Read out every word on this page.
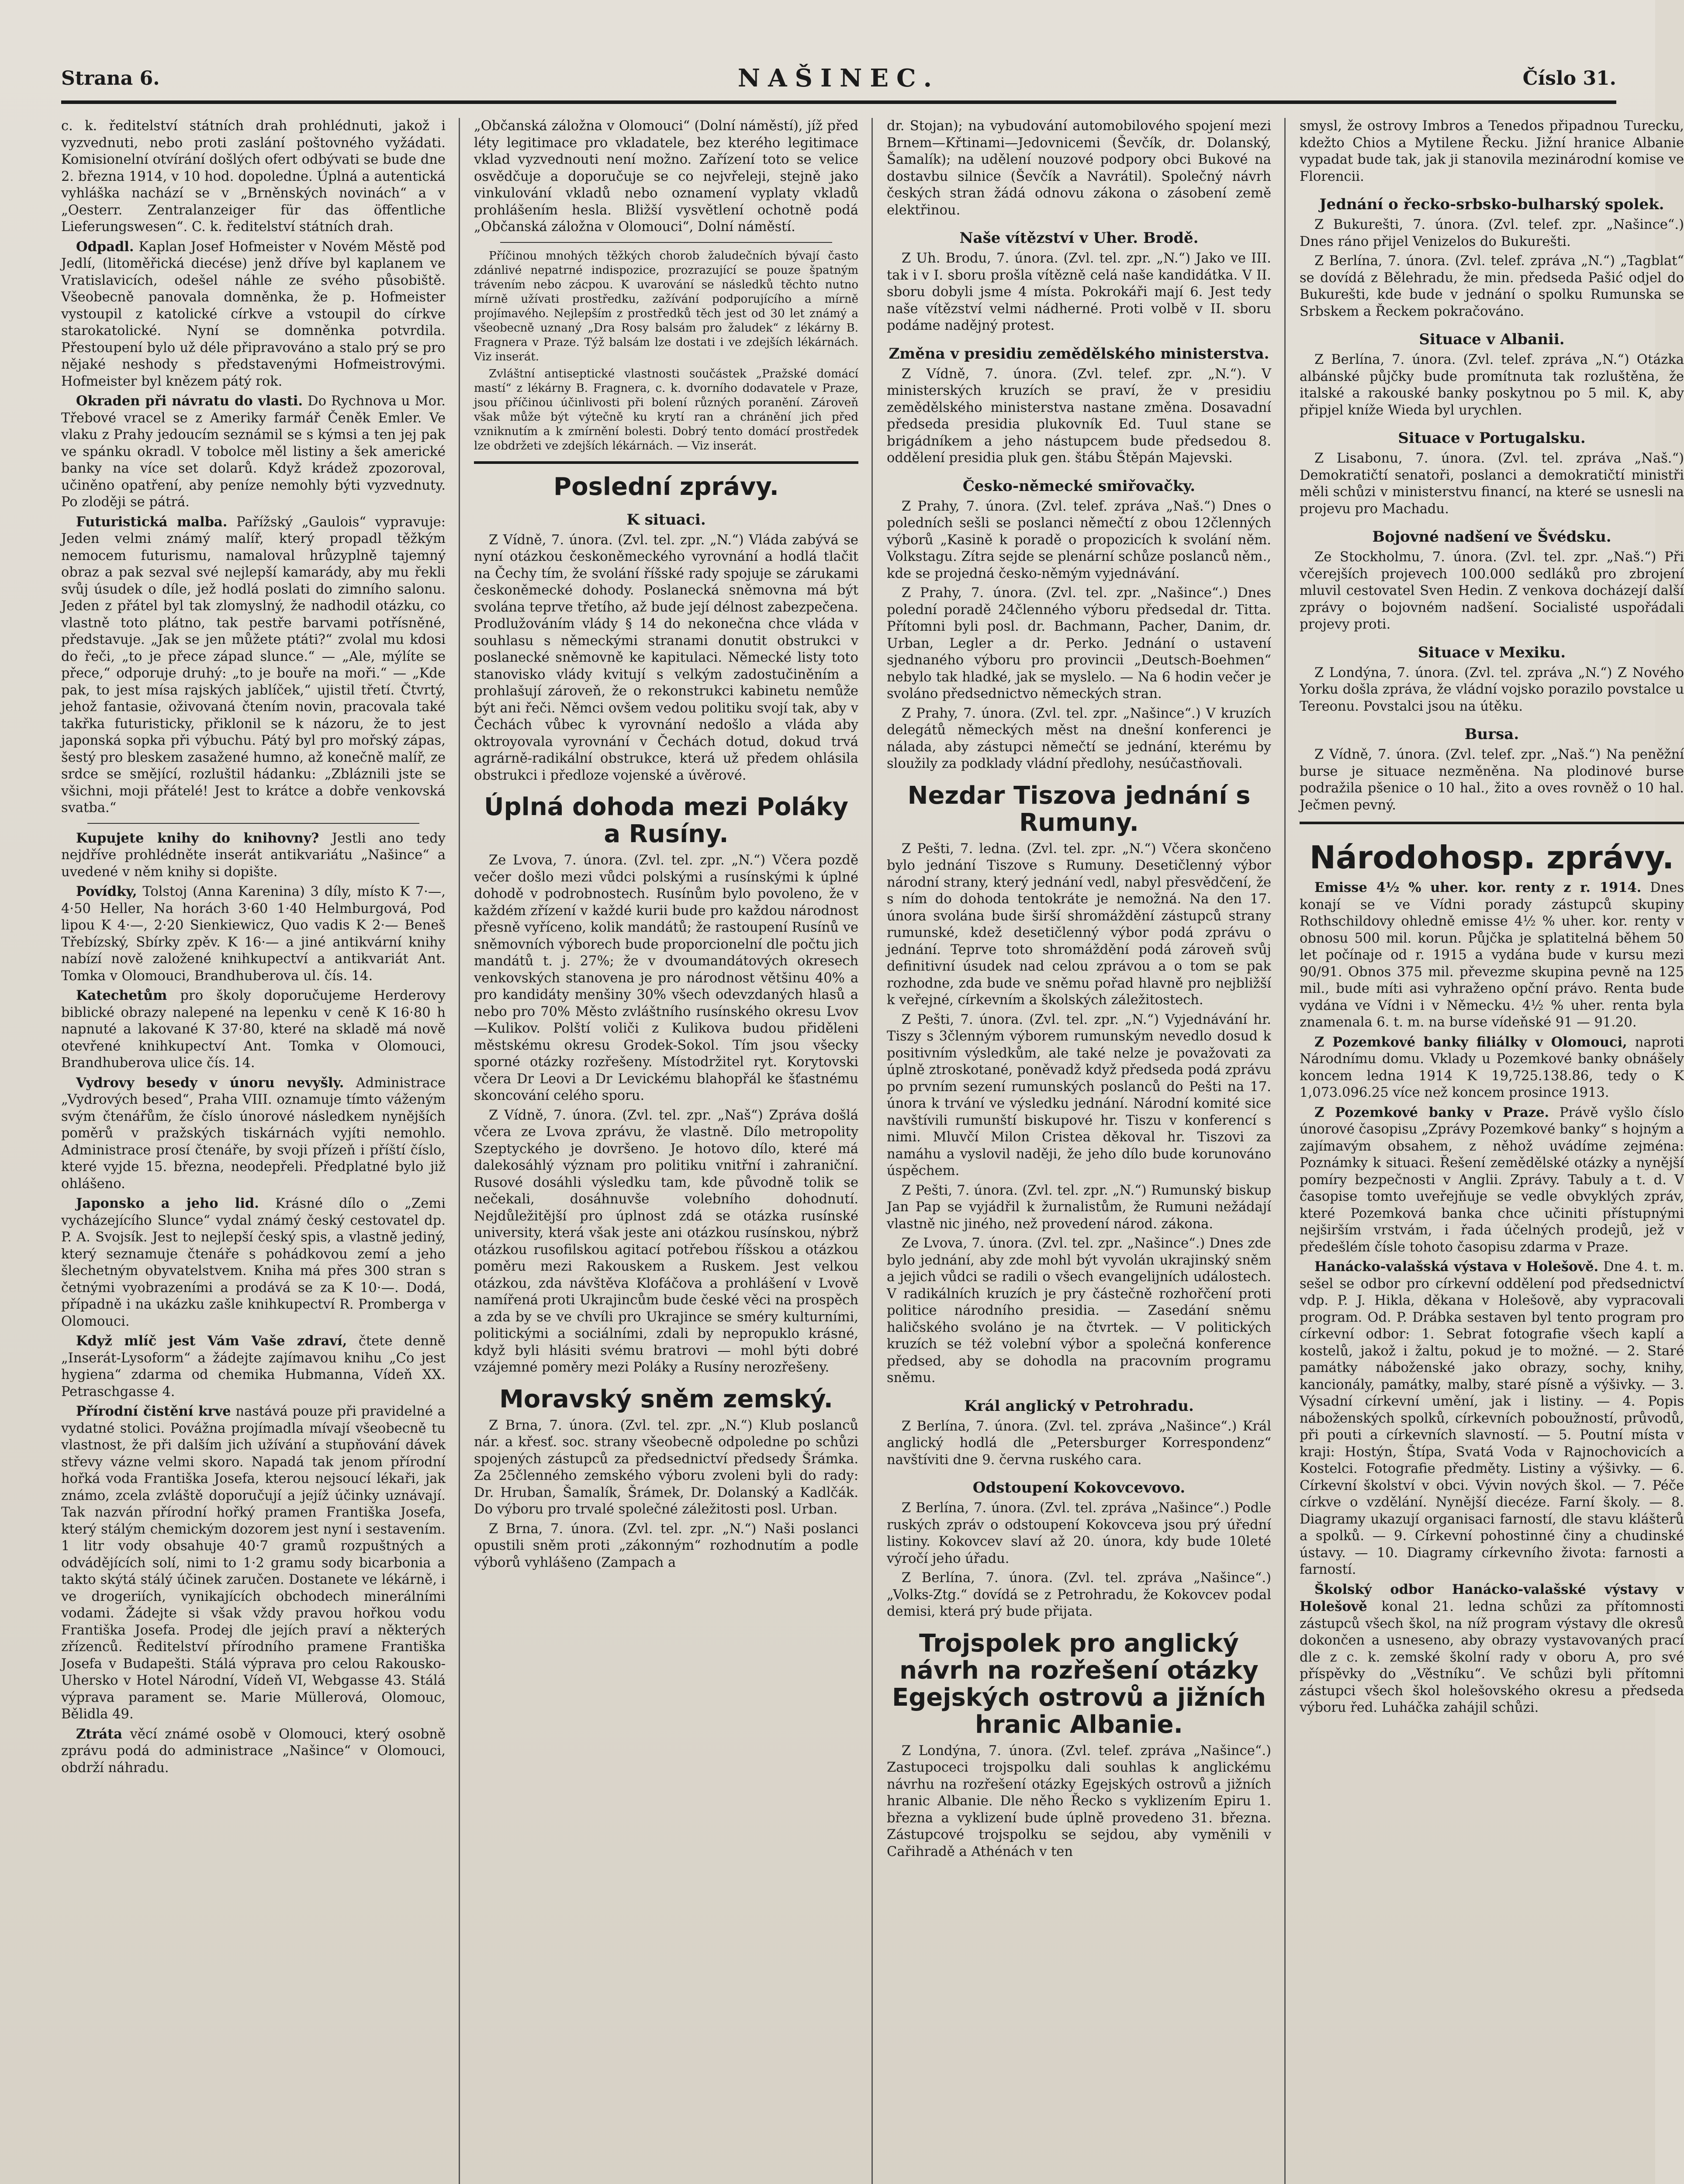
Strana 6.	NAŠINEC.	Číslo 31.

c. k. ředitelství státních drah prohlédnuti, jakož i vyzvednuti, nebo proti zaslání poštovného vyžádati. Komisionelní otvírání došlých ofert odbývati se bude dne 2. března 1914, v 10 hod. dopoledne. Úplná a autentická vyhláška nachází se v „Brněnských novinách“ a v „Oesterr. Zentralanzeiger für das öffentliche Lieferungswesen“. C. k. ředitelství státních drah.

Odpadl. Kaplan Josef Hofmeister v Novém Městě pod Jedlí, (litoměřická diecése) jenž dříve byl kaplanem ve Vratislavicích, odešel náhle ze svého působiště. Všeobecně panovala domněnka, že p. Hofmeister vystoupil z katolické církve a vstoupil do církve starokatolické. Nyní se domněnka potvrdila. Přestoupení bylo už déle připravováno a stalo prý se pro nějaké neshody s představenými Hofmeistrovými. Hofmeister byl knězem pátý rok.

Okraden při návratu do vlasti. Do Rychnova u Mor. Třebové vracel se z Ameriky farmář Čeněk Emler. Ve vlaku z Prahy jedoucím seznámil se s kýmsi a ten jej pak ve spánku okradl. V tobolce měl listiny a šek americké banky na více set dolarů. Když krádež zpozoroval, učiněno opatření, aby peníze nemohly býti vyzvednuty. Po zloději se pátrá.

Futuristická malba. Pařížský „Gaulois“ vypravuje: Jeden velmi známý malíř, který propadl těžkým nemocem futurismu, namaloval hrůzyplně tajemný obraz a pak sezval své nejlepší kamarády, aby mu řekli svůj úsudek o díle, jež hodlá poslati do zimního salonu. Jeden z přátel byl tak zlomyslný, že nadhodil otázku, co vlastně toto plátno, tak pestře barvami potřísněné, představuje. „Jak se jen můžete ptáti?“ zvolal mu kdosi do řeči, „to je přece západ slunce.“ — „Ale, mýlíte se přece,“ odporuje druhý: „to je bouře na moři.“ — „Kde pak, to jest mísa rajských jablíček,“ ujistil třetí. Čtvrtý, jehož fantasie, oživovaná čtením novin, pracovala také takřka futuristicky, přiklonil se k názoru, že to jest japonská sopka při výbuchu. Pátý byl pro mořský zápas, šestý pro bleskem zasažené humno, až konečně malíř, ze srdce se smějící, rozluštil hádanku: „Zbláznili jste se všichni, moji přátelé! Jest to krátce a dobře venkovská svatba.“

Kupujete knihy do knihovny? Jestli ano tedy nejdříve prohlédněte inserát antikvariátu „Našince“ a uvedené v něm knihy si dopište.

Povídky, Tolstoj (Anna Karenina) 3 díly, místo K 7·—, 4·50 Heller, Na horách 3·60 1·40 Helmburgová, Pod lipou K 4·—, 2·20 Sienkiewicz, Quo vadis K 2·— Beneš Třebízský, Sbírky zpěv. K 16·— a jiné antikvární knihy nabízí nově založené knihkupectví a antikvariát Ant. Tomka v Olomouci, Brandhuberova ul. čís. 14.

Katechetům pro školy doporučujeme Herderovy biblické obrazy nalepené na lepenku v ceně K 16·80 h napnuté a lakované K 37·80, které na skladě má nově otevřené knihkupectví Ant. Tomka v Olomouci, Brandhuberova ulice čís. 14.

Vydrovy besedy v únoru nevyšly. Administrace „Vydrových besed“, Praha VIII. oznamuje tímto váženým svým čtenářům, že číslo únorové následkem nynějších poměrů v pražských tiskárnách vyjíti nemohlo. Administrace prosí čtenáře, by svoji přízeň i příští číslo, které vyjde 15. března, neodepřeli. Předplatné bylo již ohlášeno.

Japonsko a jeho lid. Krásné dílo o „Zemi vycházejícího Slunce“ vydal známý český cestovatel dp. P. A. Svojsík. Jest to nejlepší český spis, a vlastně jediný, který seznamuje čtenáře s pohádkovou zemí a jeho šlechetným obyvatelstvem. Kniha má přes 300 stran s četnými vyobrazeními a prodává se za K 10·—. Dodá, případně i na ukázku zašle knihkupectví R. Promberga v Olomouci.

Když mlíč jest Vám Vaše zdraví, čtete denně „Inserát-Lysoform“ a žádejte zajímavou knihu „Co jest hygiena“ zdarma od chemika Hubmanna, Vídeň XX. Petraschgasse 4.

Přírodní čistění krve nastává pouze při pravidelné a vydatné stolici. Povážna projímadla mívají všeobecně tu vlastnost, že při dalším jich užívání a stupňování dávek střevy vázne velmi skoro. Napadá tak jenom přírodní hořká voda Františka Josefa, kterou nejsoucí lékaři, jak známo, zcela zvláště doporučují a jejíž účinky uznávají. Tak nazván přírodní hořký pramen Františka Josefa, který stálým chemickým dozorem jest nyní i sestavením. 1 litr vody obsahuje 40·7 gramů rozpuštných a odvádějících solí, nimi to 1·2 gramu sody bicarbonia a takto skýtá stálý účinek zaručen. Dostanete ve lékárně, i ve drogeriích, vynikajících obchodech minerálními vodami. Žádejte si však vždy pravou hořkou vodu Františka Josefa. Prodej dle jejích praví a některých zřízenců. Ředitelství přírodního pramene Františka Josefa v Budapešti. Stálá výprava pro celou Rakousko-Uhersko v Hotel Národní, Vídeň VI, Webgasse 43. Stálá výprava parament se. Marie Müllerová, Olomouc, Bělidla 49.

Ztráta věcí známé osobě v Olomouci, který osobně zprávu podá do administrace „Našince“ v Olomouci, obdrží náhradu.

„Občanská záložna v Olomouci“ (Dolní náměstí), jíž před léty legitimace pro vkladatele, bez kterého legitimace vklad vyzvednouti není možno. Zařízení toto se velice osvědčuje a doporučuje se co nejvřeleji, stejně jako vinkulování vkladů nebo oznamení vyplaty vkladů prohlášením hesla. Bližší vysvětlení ochotně podá „Občanská záložna v Olomouci“, Dolní náměstí.

Příčinou mnohých těžkých chorob žaludečních bývají často zdánlivé nepatrné indispozice, prozrazující se pouze špatným trávením nebo zácpou. K uvarování se následků těchto nutno mírně užívati prostředku, zažívání podporujícího a mírně projímavého. Nejlepším z prostředků těch jest od 30 let známý a všeobecně uznaný „Dra Rosy balsám pro žaludek“ z lékárny B. Fragnera v Praze. Týž balsám lze dostati i ve zdejších lékárnách. Viz inserát.

Zvláštní antiseptické vlastnosti součástek „Pražské domácí mastí“ z lékárny B. Fragnera, c. k. dvorního dodavatele v Praze, jsou příčinou účinlivosti při bolení různých poranění. Zároveň však může být výtečně ku krytí ran a chránění jich před vzniknutím a k zmírnění bolesti. Dobrý tento domácí prostředek lze obdržeti ve zdejších lékárnách. — Viz inserát.

Poslední zprávy.
K situaci.

Z Vídně, 7. února. (Zvl. tel. zpr. „N.“) Vláda zabývá se nyní otázkou českoněmeckého vyrovnání a hodlá tlačit na Čechy tím, že svolání říšské rady spojuje se zárukami českoněmecké dohody. Poslanecká sněmovna má být svolána teprve třetího, až bude její délnost zabezpečena. Prodlužováním vlády § 14 do nekonečna chce vláda v souhlasu s německými stranami donutit obstrukci v poslanecké sněmovně ke kapitulaci. Německé listy toto stanovisko vlády kvitují s velkým zadostučiněním a prohlašují zároveň, že o rekonstrukci kabinetu nemůže být ani řeči. Němci ovšem vedou politiku svojí tak, aby v Čechách vůbec k vyrovnání nedošlo a vláda aby oktroyovala vyrovnání v Čechách dotud, dokud trvá agrárně-radikální obstrukce, která už předem ohlásila obstrukci i předloze vojenské a úvěrové.

Úplná dohoda mezi Poláky a Rusíny.

Ze Lvova, 7. února. (Zvl. tel. zpr. „N.“) Včera pozdě večer došlo mezi vůdci polskými a rusínskými k úplné dohodě v podrobnostech. Rusínům bylo povoleno, že v každém zřízení v každé kurii bude pro každou národnost přesně vyříceno, kolik mandátů; že rastoupení Rusínů ve sněmovních výborech bude proporcionelní dle počtu jich mandátů t. j. 27%; že v dvoumandátových okresech venkovských stanovena je pro národnost většinu 40% a pro kandidáty menšiny 30% všech odevzdaných hlasů a nebo pro 70% Město zvláštního rusínského okresu Lvov—Kulikov. Polští voliči z Kulikova budou přiděleni městskému okresu Grodek-Sokol. Tím jsou všecky sporné otázky rozřešeny. Místodržitel ryt. Korytovski včera Dr Leovi a Dr Levickému blahopřál ke šťastnému skoncování celého sporu.

Z Vídně, 7. února. (Zvl. tel. zpr. „Naš“) Zpráva došlá včera ze Lvova zprávu, že vlastně. Dílo metropolity Szeptyckého je dovršeno. Je hotovo dílo, které má dalekosáhlý význam pro politiku vnitřní i zahraniční. Rusové dosáhli výsledku tam, kde původně tolik se nečekali, dosáhnuvše volebního dohodnutí. Nejdůležitější pro úplnost zdá se otázka rusínské university, která však jeste ani otázkou rusínskou, nýbrž otázkou rusofilskou agitací potřebou říšskou a otázkou poměru mezi Rakouskem a Ruskem. Jest velkou otázkou, zda návštěva Klofáčova a prohlášení v Lvově namířená proti Ukrajincům bude české věci na prospěch a zda by se ve chvíli pro Ukrajince se sméry kulturními, politickými a sociálními, zdali by nepropuklo krásné, když byli hlásiti svému bratrovi — mohl býti dobré vzájemné poměry mezi Poláky a Rusíny nerozřešeny.

Moravský sněm zemský.

Z Brna, 7. února. (Zvl. tel. zpr. „N.“) Klub poslanců nár. a křesť. soc. strany všeobecně odpoledne po schůzi spojených zástupců za předsednictví předsedy Šrámka. Za 25členného zemského výboru zvoleni byli do rady: Dr. Hruban, Šamalík, Šrámek, Dr. Dolanský a Kadlčák. Do výboru pro trvalé společné záležitosti posl. Urban.

Z Brna, 7. února. (Zvl. tel. zpr. „N.“) Naši poslanci opustili sněm proti „zákonným“ rozhodnutím a podle výborů vyhlášeno (Zampach a

dr. Stojan); na vybudování automobilového spojení mezi Brnem—Křtinami—Jedovnicemi (Ševčík, dr. Dolanský, Šamalík); na udělení nouzové podpory obci Bukové na dostavbu silnice (Ševčík a Navrátil). Společný návrh českých stran žádá odnovu zákona o zásobení země elektřinou.

Naše vítězství v Uher. Brodě.

Z Uh. Brodu, 7. února. (Zvl. tel. zpr. „N.“) Jako ve III. tak i v I. sboru prošla vítězně celá naše kandidátka. V II. sboru dobyli jsme 4 místa. Pokrokáři mají 6. Jest tedy naše vítězství velmi nádherné. Proti volbě v II. sboru podáme nadějný protest.

Změna v presidiu zemědělského ministerstva.

Z Vídně, 7. února. (Zvl. telef. zpr. „N.“). V ministerských kruzích se praví, že v presidiu zemědělského ministerstva nastane změna. Dosavadní předseda presidia plukovník Ed. Tuul stane se brigádníkem a jeho nástupcem bude předsedou 8. oddělení presidia pluk gen. štábu Štěpán Majevski.

Česko-německé smiřovačky.

Z Prahy, 7. února. (Zvl. telef. zpráva „Naš.“) Dnes o poledních sešli se poslanci němečtí z obou 12členných výborů „Kasině k poradě o propozicích k svolání něm. Volkstagu. Zítra sejde se plenární schůze poslanců něm., kde se projedná česko-němým vyjednávání.

Z Prahy, 7. února. (Zvl. tel. zpr. „Našince“.) Dnes polední poradě 24členného výboru předsedal dr. Titta. Přítomni byli posl. dr. Bachmann, Pacher, Danim, dr. Urban, Legler a dr. Perko. Jednání o ustavení sjednaného výboru pro provincii „Deutsch-Boehmen“ nebylo tak hladké, jak se myslelo. — Na 6 hodin večer je svoláno předsednictvo německých stran.

Z Prahy, 7. února. (Zvl. tel. zpr. „Našince“.) V kruzích delegátů německých měst na dnešní konferenci je nálada, aby zástupci němečtí se jednání, kterému by sloužily za podklady vládní předlohy, nesúčastňovali.

Nezdar Tiszova jednání s Rumuny.

Z Pešti, 7. ledna. (Zvl. tel. zpr. „N.“) Včera skončeno bylo jednání Tiszove s Rumuny. Desetičlenný výbor národní strany, který jednání vedl, nabyl přesvědčení, že s ním do dohoda tentokráte je nemožná. Na den 17. února svolána bude širší shromáždění zástupců strany rumunské, kdež desetičlenný výbor podá zprávu o jednání. Teprve toto shromáždění podá zároveň svůj definitivní úsudek nad celou zprávou a o tom se pak rozhodne, zda bude ve sněmu pořad hlavně pro nejbližší k veřejné, církevním a školských záležitostech.

Z Pešti, 7. února. (Zvl. tel. zpr. „N.“) Vyjednávání hr. Tiszy s 3členným výborem rumunským nevedlo dosud k positivním výsledkům, ale také nelze je považovati za úplně ztroskotané, poněvadž když předseda podá zprávu po prvním sezení rumunských poslanců do Pešti na 17. února k trvání ve výsledku jednání. Národní komité sice navštívili rumunští biskupové hr. Tiszu v konferencí s nimi. Mluvčí Milon Cristea děkoval hr. Tiszovi za namáhu a vyslovil naději, že jeho dílo bude korunováno úspěchem.

Z Pešti, 7. února. (Zvl. tel. zpr. „N.“) Rumunský biskup Jan Pap se vyjádřil k žurnalistům, že Rumuni nežádají vlastně nic jiného, než provedení národ. zákona.

Ze Lvova, 7. února. (Zvl. tel. zpr. „Našince“.) Dnes zde bylo jednání, aby zde mohl být vyvolán ukrajinský sněm a jejich vůdci se radili o všech evangelijních událostech. V radikálních kruzích je pry částečně rozhořčení proti politice národního presidia. — Zasedání sněmu haličského svoláno je na čtvrtek. — V politických kruzích se též volební výbor a společná konference předsed, aby se dohodla na pracovním programu sněmu.

Král anglický v Petrohradu.

Z Berlína, 7. února. (Zvl. tel. zpráva „Našince“.) Král anglický hodlá dle „Petersburger Korrespondenz“ navštíviti dne 9. června ruského cara.

Odstoupení Kokovcevovo.

Z Berlína, 7. února. (Zvl. tel. zpráva „Našince“.) Podle ruských zpráv o odstoupení Kokovceva jsou prý úřední listiny. Kokovcev slaví až 20. února, kdy bude 10leté výročí jeho úřadu.

Z Berlína, 7. února. (Zvl. tel. zpráva „Našince“.) „Volks-Ztg.“ dovídá se z Petrohradu, že Kokovcev podal demisi, která prý bude přijata.

Trojspolek pro anglický návrh na rozřešení otázky Egejských ostrovů a jižních hranic Albanie.

Z Londýna, 7. února. (Zvl. telef. zpráva „Našince“.) Zastupoceci trojspolku dali souhlas k anglickému návrhu na rozřešení otázky Egejských ostrovů a jižních hranic Albanie. Dle něho Řecko s vyklizením Epiru 1. března a vyklizení bude úplně provedeno 31. března. Zástupcové trojspolku se sejdou, aby vyměnili v Cařihradě a Athénách v ten

smysl, že ostrovy Imbros a Tenedos připadnou Turecku, kdežto Chios a Mytilene Řecku. Jižní hranice Albanie vypadat bude tak, jak ji stanovila mezinárodní komise ve Florencii.

Jednání o řecko-srbsko-bulharský spolek.

Z Bukurešti, 7. února. (Zvl. telef. zpr. „Našince“.) Dnes ráno přijel Venizelos do Bukurešti.

Z Berlína, 7. února. (Zvl. telef. zpráva „N.“) „Tagblat“ se dovídá z Bělehradu, že min. předseda Pašić odjel do Bukurešti, kde bude v jednání o spolku Rumunska se Srbskem a Řeckem pokračováno.

Situace v Albanii.

Z Berlína, 7. února. (Zvl. telef. zpráva „N.“) Otázka albánské půjčky bude promítnuta tak rozluštěna, že italské a rakouské banky poskytnou po 5 mil. K, aby připjel kníže Wieda byl urychlen.

Situace v Portugalsku.

Z Lisabonu, 7. února. (Zvl. tel. zpráva „Naš.“) Demokratičtí senatoři, poslanci a demokratičtí ministři měli schůzi v ministerstvu financí, na které se usnesli na projevu pro Machadu.

Bojovné nadšení ve Švédsku.

Ze Stockholmu, 7. února. (Zvl. tel. zpr. „Naš.“) Při včerejších projevech 100.000 sedláků pro zbrojení mluvil cestovatel Sven Hedin. Z venkova docházejí další zprávy o bojovném nadšení. Socialisté uspořádali projevy proti.

Situace v Mexiku.

Z Londýna, 7. února. (Zvl. tel. zpráva „N.“) Z Nového Yorku došla zpráva, že vládní vojsko porazilo povstalce u Tereonu. Povstalci jsou na útěku.

Bursa.

Z Vídně, 7. února. (Zvl. telef. zpr. „Naš.“) Na peněžní burse je situace nezměněna. Na plodinové burse podražila pšenice o 10 hal., žito a oves rovněž o 10 hal. Ječmen pevný.

Národohosp. zprávy.

Emisse 4½ % uher. kor. renty z r. 1914. Dnes konají se ve Vídni porady zástupců skupiny Rothschildovy ohledně emisse 4½ % uher. kor. renty v obnosu 500 mil. korun. Půjčka je splatitelná během 50 let počínaje od r. 1915 a vydána bude v kursu mezi 90/91. Obnos 375 mil. převezme skupina pevně na 125 mil., bude míti asi vyhraženo opční právo. Renta bude vydána ve Vídni i v Německu. 4½ % uher. renta byla znamenala 6. t. m. na burse vídeňské 91 — 91.20.

Z Pozemkové banky filiálky v Olomouci, naproti Národnímu domu. Vklady u Pozemkové banky obnášely koncem ledna 1914 K 19,725.138.86, tedy o K 1,073.096.25 více než koncem prosince 1913.

Z Pozemkové banky v Praze. Právě vyšlo číslo únorové časopisu „Zprávy Pozemkové banky“ s hojným a zajímavým obsahem, z něhož uvádíme zejména: Poznámky k situaci. Řešení zemědělské otázky a nynější pomíry bezpečnosti v Anglii. Zprávy. Tabuly a t. d. V časopise tomto uveřejňuje se vedle obvyklých zpráv, které Pozemková banka chce učiniti přístupnými nejširším vrstvám, i řada účelných prodejů, jež v předešlém čísle tohoto časopisu zdarma v Praze.

Hanácko-valašská výstava v Holešově. Dne 4. t. m. sešel se odbor pro církevní oddělení pod předsednictví vdp. P. J. Hikla, děkana v Holešově, aby vypracovali program. Od. P. Drábka sestaven byl tento program pro církevní odbor: 1. Sebrat fotografie všech kaplí a kostelů, jakož i žaltu, pokud je to možné. — 2. Staré památky náboženské jako obrazy, sochy, knihy, kancionály, památky, malby, staré písně a výšivky. — 3. Výsadní církevní umění, jak i listiny. — 4. Popis náboženských spolků, církevních poboužností, průvodů, při pouti a církevních slavností. — 5. Poutní místa v kraji: Hostýn, Štípa, Svatá Voda v Rajnochovicích a Kostelci. Fotografie předměty. Listiny a výšivky. — 6. Církevní školství v obci. Vývin nových škol. — 7. Péče církve o vzdělání. Nynější diecéze. Farní školy. — 8. Diagramy ukazují organisaci farností, dle stavu klášterů a spolků. — 9. Církevní pohostinné činy a chudinské ústavy. — 10. Diagramy církevního života: farnosti a farností.

Školský odbor Hanácko-valašské výstavy v Holešově konal 21. ledna schůzi za přítomnosti zástupců všech škol, na níž program výstavy dle okresů dokončen a usneseno, aby obrazy vystavovaných prací dle z c. k. zemské školní rady v oboru A, pro své příspěvky do „Věstníku“. Ve schůzi byli přítomni zástupci všech škol holešovského okresu a předseda výboru řed. Luháčka zahájil schůzi.
